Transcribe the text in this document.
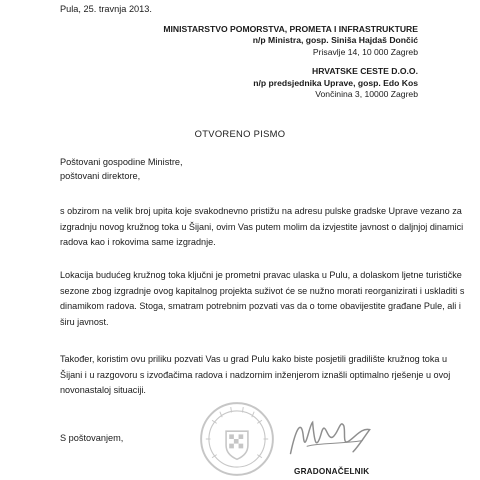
Pula, 25. travnja 2013.
MINISTARSTVO POMORSTVA, PROMETA I INFRASTRUKTURE
n/p Ministra, gosp. Siniša Hajdaš Dončić
Prisavlje 14, 10 000 Zagreb
HRVATSKE CESTE D.O.O.
n/p predsjednika Uprave, gosp. Edo Kos
Vončinina 3, 10000 Zagreb
OTVORENO PISMO
Poštovani gospodine Ministre,
poštovani direktore,
s obzirom na velik broj upita koje svakodnevno pristižu na adresu pulske gradske Uprave vezano za
izgradnju novog kružnog toka u Šijani, ovim Vas putem molim da izvjestite javnost o daljnjoj dinamici
radova kao i rokovima same izgradnje.
Lokacija budućeg kružnog toka ključni je prometni pravac ulaska u Pulu, a dolaskom ljetne turističke
sezone zbog izgradnje ovog kapitalnog projekta suživot će se nužno morati reorganizirati i uskladiti s
dinamikom radova. Stoga, smatram potrebnim pozvati vas da o tome obavijestite građane Pule, ali i
širu javnost.
Također, koristim ovu priliku pozvati Vas u grad Pulu kako biste posjetili gradilište kružnog toka u
Šijani i u razgovoru s izvođačima radova i nadzornim inženjerom iznašli optimalno rješenje u ovoj
novonastaloj situaciji.
S poštovanjem,
GRADONAČELNIK
